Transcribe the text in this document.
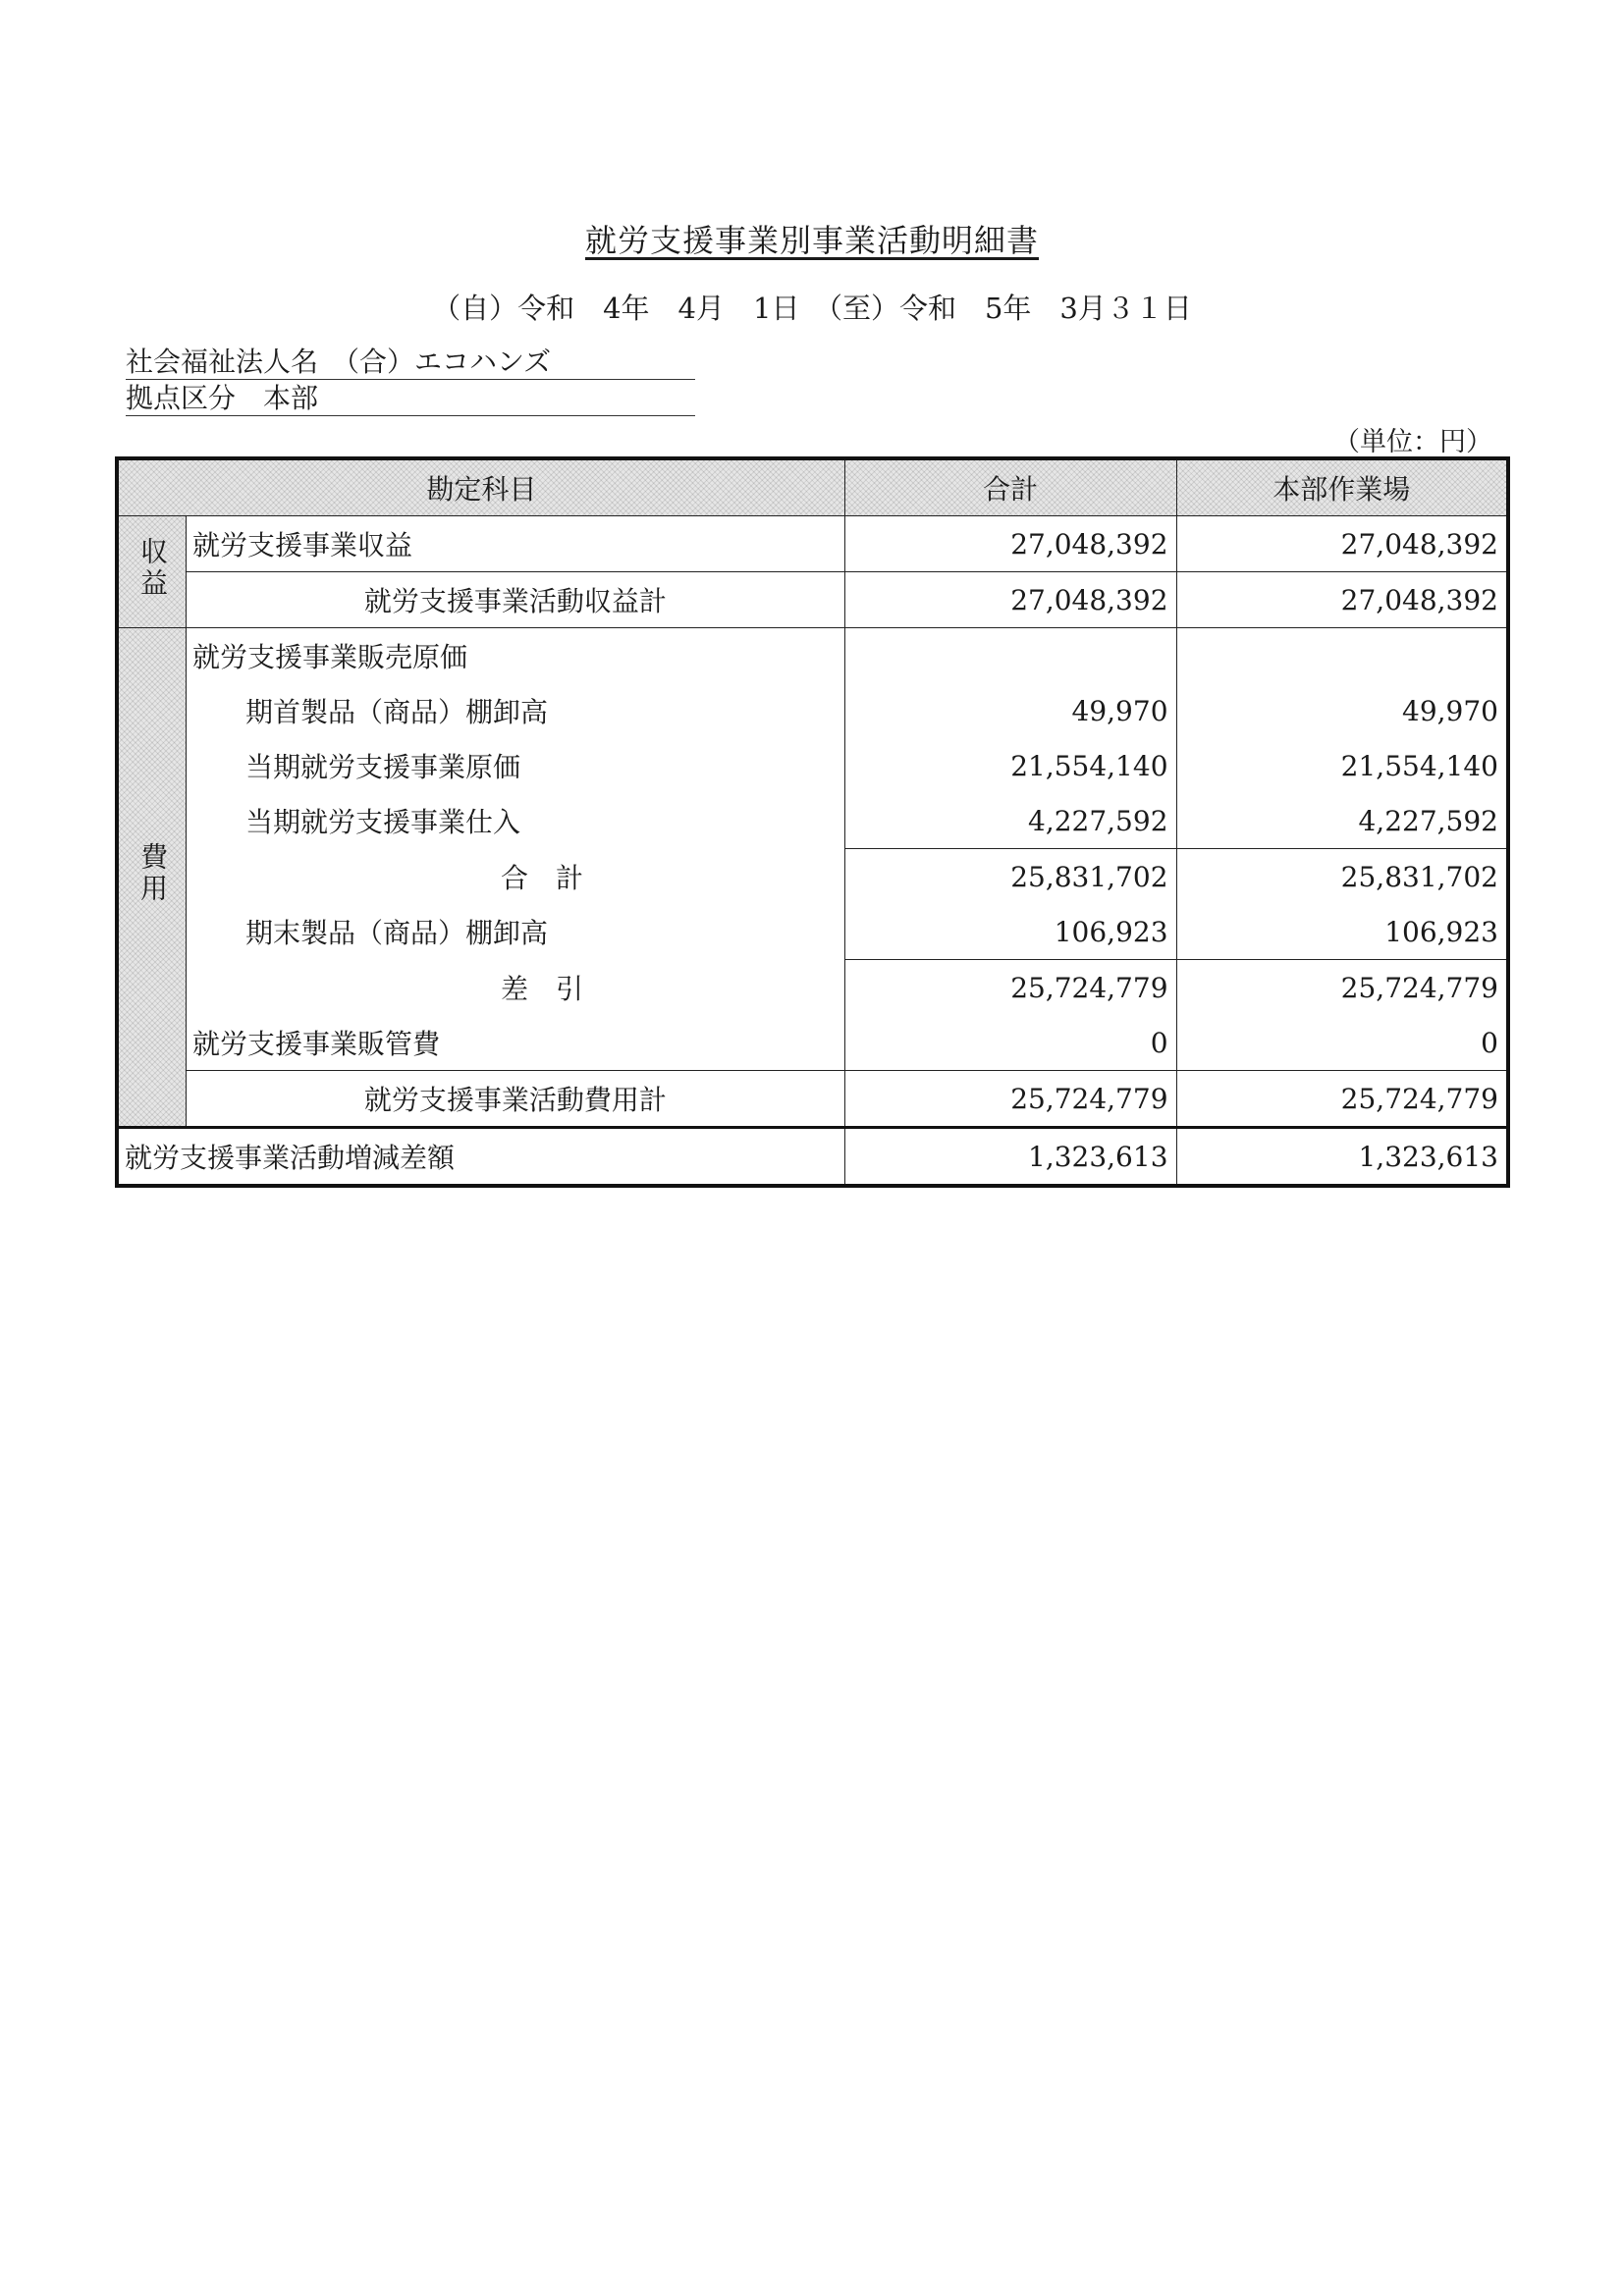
就労支援事業別事業活動明細書
（自）令和　4年　4月　1日　（至）令和　5年　3月３１日
社会福祉法人名　（合）エコハンズ
拠点区分　本部
（単位：円）
勘定科目		合計	本部作業場
収益	就労支援事業収益	27,048,392	27,048,392
	就労支援事業活動収益計	27,048,392	27,048,392
費用	就労支援事業販売原価		
	期首製品（商品）棚卸高	49,970	49,970
	当期就労支援事業原価	21,554,140	21,554,140
	当期就労支援事業仕入	4,227,592	4,227,592
	合　計	25,831,702	25,831,702
	期末製品（商品）棚卸高	106,923	106,923
	差　引	25,724,779	25,724,779
	就労支援事業販管費	0	0
	就労支援事業活動費用計	25,724,779	25,724,779
就労支援事業活動増減差額		1,323,613	1,323,613
